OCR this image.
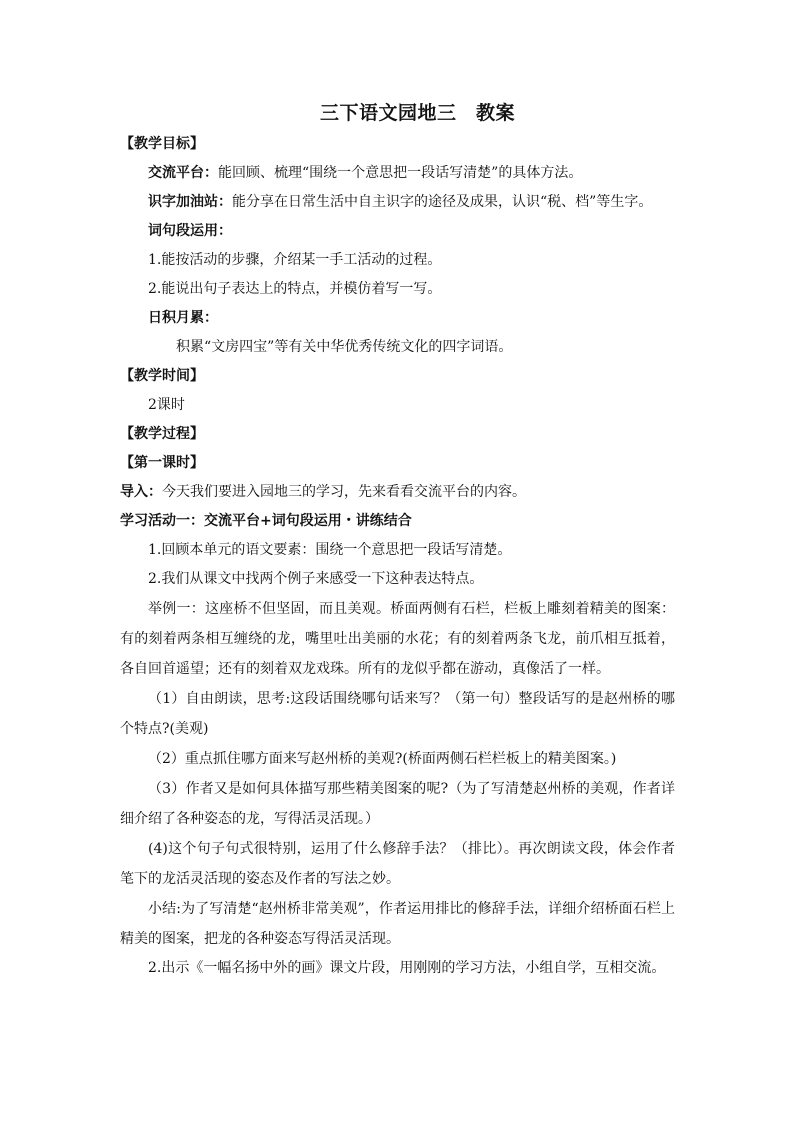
三下语文园地三　教案
【教学目标】
交流平台：能回顾、梳理“围绕一个意思把一段话写清楚”的具体方法。
识字加油站：能分享在日常生活中自主识字的途径及成果，认识“税、档”等生字。
词句段运用：
1.能按活动的步骤，介绍某一手工活动的过程。
2.能说出句子表达上的特点，并模仿着写一写。
日积月累：
积累“文房四宝”等有关中华优秀传统文化的四字词语。
【教学时间】
2课时
【教学过程】
【第一课时】
导入：今天我们要进入园地三的学习，先来看看交流平台的内容。
学习活动一：交流平台+词句段运用・讲练结合
1.回顾本单元的语文要素：围绕一个意思把一段话写清楚。
2.我们从课文中找两个例子来感受一下这种表达特点。
举例一：这座桥不但坚固，而且美观。桥面两侧有石栏，栏板上雕刻着精美的图案：有的刻着两条相互缠绕的龙，嘴里吐出美丽的水花；有的刻着两条飞龙，前爪相互抵着，各自回首遥望；还有的刻着双龙戏珠。所有的龙似乎都在游动，真像活了一样。
（1）自由朗读，思考:这段话围绕哪句话来写？（第一句）整段话写的是赵州桥的哪个特点?(美观)
（2）重点抓住哪方面来写赵州桥的美观?(桥面两侧石栏栏板上的精美图案。)
（3）作者又是如何具体描写那些精美图案的呢?（为了写清楚赵州桥的美观，作者详细介绍了各种姿态的龙，写得活灵活现。）
(4)这个句子句式很特别，运用了什么修辞手法？（排比）。再次朗读文段，体会作者笔下的龙活灵活现的姿态及作者的写法之妙。
小结:为了写清楚“赵州桥非常美观”，作者运用排比的修辞手法，详细介绍桥面石栏上精美的图案，把龙的各种姿态写得活灵活现。
2.出示《一幅名扬中外的画》课文片段，用刚刚的学习方法，小组自学，互相交流。
